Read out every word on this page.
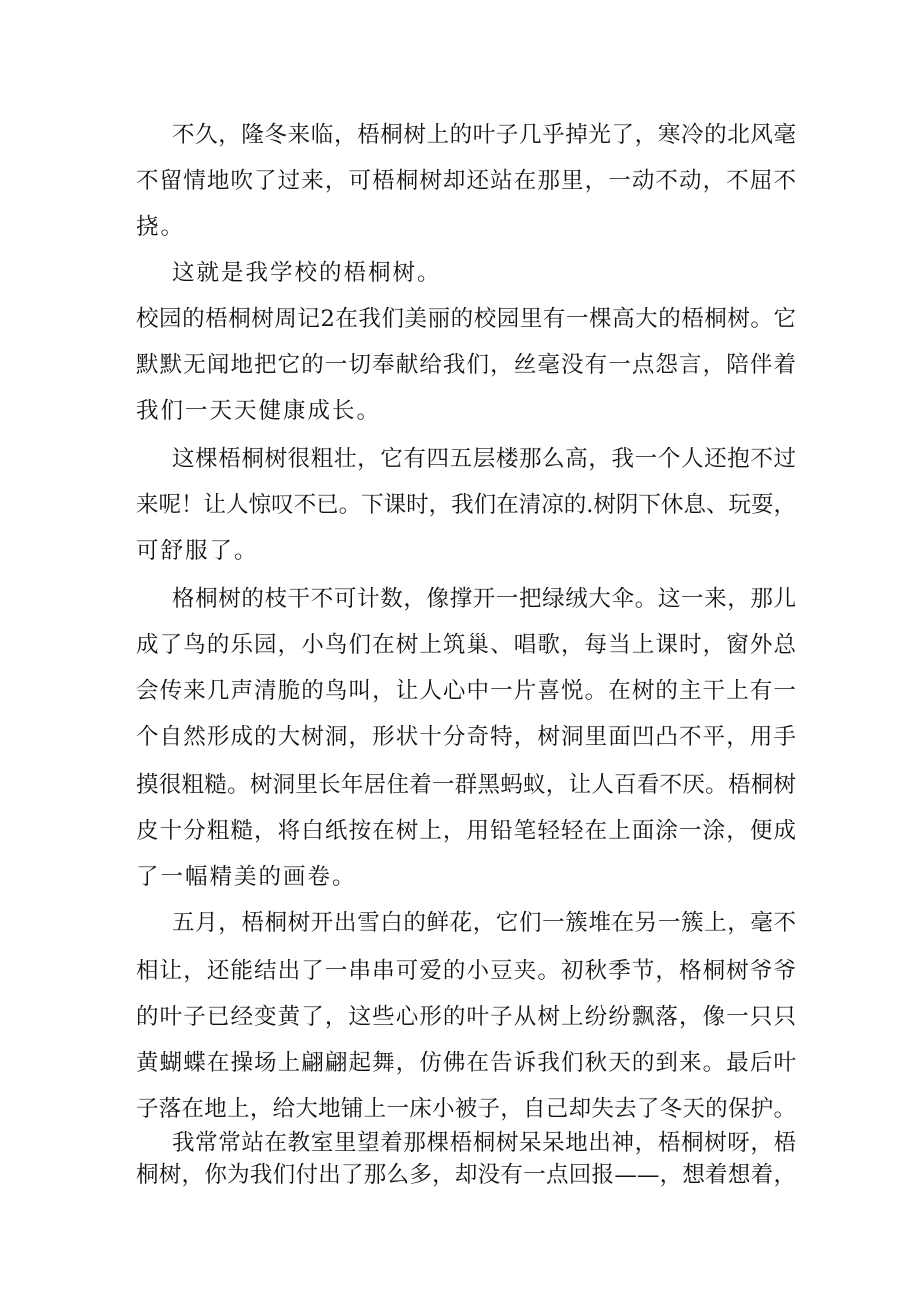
不久，隆冬来临，梧桐树上的叶子几乎掉光了，寒冷的北风毫
不留情地吹了过来，可梧桐树却还站在那里，一动不动，不屈不
挠。
这就是我学校的梧桐树。
校园的梧桐树周记2在我们美丽的校园里有一棵高大的梧桐树。它
默默无闻地把它的一切奉献给我们，丝毫没有一点怨言，陪伴着
我们一天天健康成长。
这棵梧桐树很粗壮，它有四五层楼那么高，我一个人还抱不过
来呢！让人惊叹不已。下课时，我们在清凉的.树阴下休息、玩耍，
可舒服了。
格桐树的枝干不可计数，像撑开一把绿绒大伞。这一来，那儿
成了鸟的乐园，小鸟们在树上筑巢、唱歌，每当上课时，窗外总
会传来几声清脆的鸟叫，让人心中一片喜悦。在树的主干上有一
个自然形成的大树洞，形状十分奇特，树洞里面凹凸不平，用手
摸很粗糙。树洞里长年居住着一群黑蚂蚁，让人百看不厌。梧桐树
皮十分粗糙，将白纸按在树上，用铅笔轻轻在上面涂一涂，便成
了一幅精美的画卷。
五月，梧桐树开出雪白的鲜花，它们一簇堆在另一簇上，毫不
相让，还能结出了一串串可爱的小豆夹。初秋季节，格桐树爷爷
的叶子已经变黄了，这些心形的叶子从树上纷纷飘落，像一只只
黄蝴蝶在操场上翩翩起舞，仿佛在告诉我们秋天的到来。最后叶
子落在地上，给大地铺上一床小被子，自己却失去了冬天的保护。
我常常站在教室里望着那棵梧桐树呆呆地出神，梧桐树呀，梧
桐树，你为我们付出了那么多，却没有一点回报——，想着想着，
